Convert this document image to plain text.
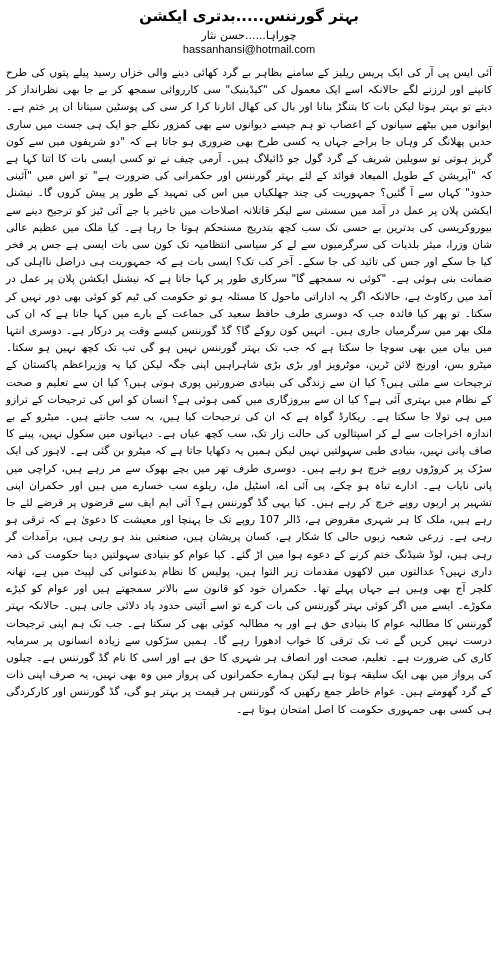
بہتر گورننس.....بدتری ایکشن
چوراہا......حسن نثار
hassanhansi@hotmail.com

آئی ایس پی آر کی ایک پریس ریلیز کے سامنے بظاہر بے گرد کھائی دینے والی خزاں رسید پیلے پتوں کی طرح کانپنے اور لرزنے لگے حالانکہ اسے ایک معمول کی "کیڈینیک" سی کارروائی سمجھ کر بے جا بھی نظرانداز کر دیتے تو بہتر ہوتا لیکن بات کا بتنگڑ بنانا اور بال کی کھال اتارنا کرا کر سی کی پوسٹین سیتانا ان پر ختم ہے۔ ایوانوں میں بیٹھے سیانوں کے اعصاب تو ہم جیسے دیوانوں سے بھی کمزور نکلے جو ایک ہی جست میں ساری حدیں پھلانگ کر وہاں جا براجے جہاں یہ کسی طرح بھی ضروری ہو جاتا ہے کہ "دو شریفوں میں سے کون گریز ہوتی تو سویلین شریف کے گرد گول جو ڈائیلاگ ہیں۔ آرمی چیف نے تو کسی ایسی بات کا اتنا کہا ہے کہ "آپریشن کے طویل المیعاد فوائد کے لئے بہتر گورننس اور حکمرانی کی ضرورت ہے" تو اس میں "آئینی حدود" کہاں سے آ گئیں؟ جمہوریت کی چند جھلکیاں میں اس کی تمہید کے طور پر پیش کروں گا۔ نیشنل ایکشن پلان پر عمل در آمد میں سستی سے لیکر قاتلانہ اصلاحات میں تاخیر یا جے آئی ٹیز کو ترجیح دینے سے بیوروکریسی کی بدترین بے حسی تک سب کچھ بتدریج مستحکم ہوتا جا رہا ہے۔ کیا ملک میں عظیم عالی شان وزرا، میئر بلدیات کی سرگرمیوں سے لے کر سیاسی انتظامیہ تک کون سی بات ایسی ہے جس پر فخر کیا جا سکے اور جس کی تائید کی جا سکے۔ آخر کب تک؟ ایسی بات ہے کہ جمہوریت ہی دراصل نااہلی کی ضمانت بنی ہوئی ہے۔ "کوئی نہ سمجھے گا" سرکاری طور پر کہا جاتا ہے کہ نیشنل ایکشن پلان پر عمل در آمد میں رکاوٹ ہے، حالانکہ اگر یہ اداراتی ماحول کا مسئلہ ہو تو حکومت کی ٹیم کو کوئی بھی دور نہیں کر سکتا۔ تو پھر کیا فائدہ جب کہ دوسری طرف حافظ سعید کی جماعت کے بارے میں کہا جاتا ہے کہ ان کی ملک بھر میں سرگرمیاں جاری ہیں۔ انہیں کون روکے گا؟ گڈ گورننس کیسے وقت پر درکار ہے۔ دوسری انتہا میں بیان میں بھی سوچا جا سکتا ہے کہ جب تک بہتر گورننس نہیں ہو گی تب تک کچھ نہیں ہو سکتا۔ میٹرو بس، اورنج لائن ٹرین، موٹرویز اور بڑی بڑی شاہراہیں اپنی جگہ لیکن کیا یہ وزیراعظم پاکستان کے ترجیحات سے ملتی ہیں؟ کیا ان سے زندگی کی بنیادی ضرورتیں پوری ہوتی ہیں؟ کیا ان سے تعلیم و صحت کے نظام میں بہتری آئی ہے؟ کیا ان سے بیروزگاری میں کمی ہوئی ہے؟ انسان کو اس کی ترجیحات کے ترازو میں ہی تولا جا سکتا ہے۔ ریکارڈ گواہ ہے کہ ان کی ترجیحات کیا ہیں، یہ سب جانتے ہیں۔ میٹرو کے بے اندازہ اخراجات سے لے کر اسپتالوں کی حالت زار تک، سب کچھ عیاں ہے۔ دیہاتوں میں سکول نہیں، پینے کا صاف پانی نہیں، بنیادی طبی سہولتیں نہیں لیکن ہمیں یہ دکھایا جاتا ہے کہ میٹرو بن گئی ہے۔ لاہور کی ایک سڑک پر کروڑوں روپے خرچ ہو رہے ہیں۔ دوسری طرف تھر میں بچے بھوک سے مر رہے ہیں، کراچی میں پانی نایاب ہے۔ ادارے تباہ ہو چکے، پی آئی اے، اسٹیل مل، ریلوے سب خسارے میں ہیں اور حکمران اپنی تشہیر پر اربوں روپے خرچ کر رہے ہیں۔ کیا یہی گڈ گورننس ہے؟ آئی ایم ایف سے قرضوں پر قرضے لئے جا رہے ہیں، ملک کا ہر شہری مقروض ہے، ڈالر 107 روپے تک جا پہنچا اور معیشت کا دعویٰ ہے کہ ترقی ہو رہی ہے۔ زرعی شعبہ زبوں حالی کا شکار ہے، کسان پریشان ہیں، صنعتیں بند ہو رہی ہیں، برآمدات گر رہی ہیں، لوڈ شیڈنگ ختم کرنے کے دعوے ہوا میں اڑ گئے۔ کیا عوام کو بنیادی سہولتیں دینا حکومت کی ذمہ داری نہیں؟ عدالتوں میں لاکھوں مقدمات زیر التوا ہیں، پولیس کا نظام بدعنوانی کی لپیٹ میں ہے، تھانہ کلچر آج بھی وہیں ہے جہاں پہلے تھا۔ حکمران خود کو قانون سے بالاتر سمجھتے ہیں اور عوام کو کیڑے مکوڑے۔ ایسے میں اگر کوئی بہتر گورننس کی بات کرے تو اسے آئینی حدود یاد دلائی جاتی ہیں۔ حالانکہ بہتر گورننس کا مطالبہ عوام کا بنیادی حق ہے اور یہ مطالبہ کوئی بھی کر سکتا ہے۔ جب تک ہم اپنی ترجیحات درست نہیں کریں گے تب تک ترقی کا خواب ادھورا رہے گا۔ ہمیں سڑکوں سے زیادہ انسانوں پر سرمایہ کاری کی ضرورت ہے۔ تعلیم، صحت اور انصاف ہر شہری کا حق ہے اور اسی کا نام گڈ گورننس ہے۔ چیلوں کی پرواز میں بھی ایک سلیقہ ہوتا ہے لیکن ہمارے حکمرانوں کی پرواز میں وہ بھی نہیں، یہ صرف اپنی ذات کے گرد گھومتے ہیں۔ عوام خاطر جمع رکھیں کہ گورننس ہر قیمت پر بہتر ہو گی، گڈ گورننس اور کارکردگی ہی کسی بھی جمہوری حکومت کا اصل امتحان ہوتا ہے۔
